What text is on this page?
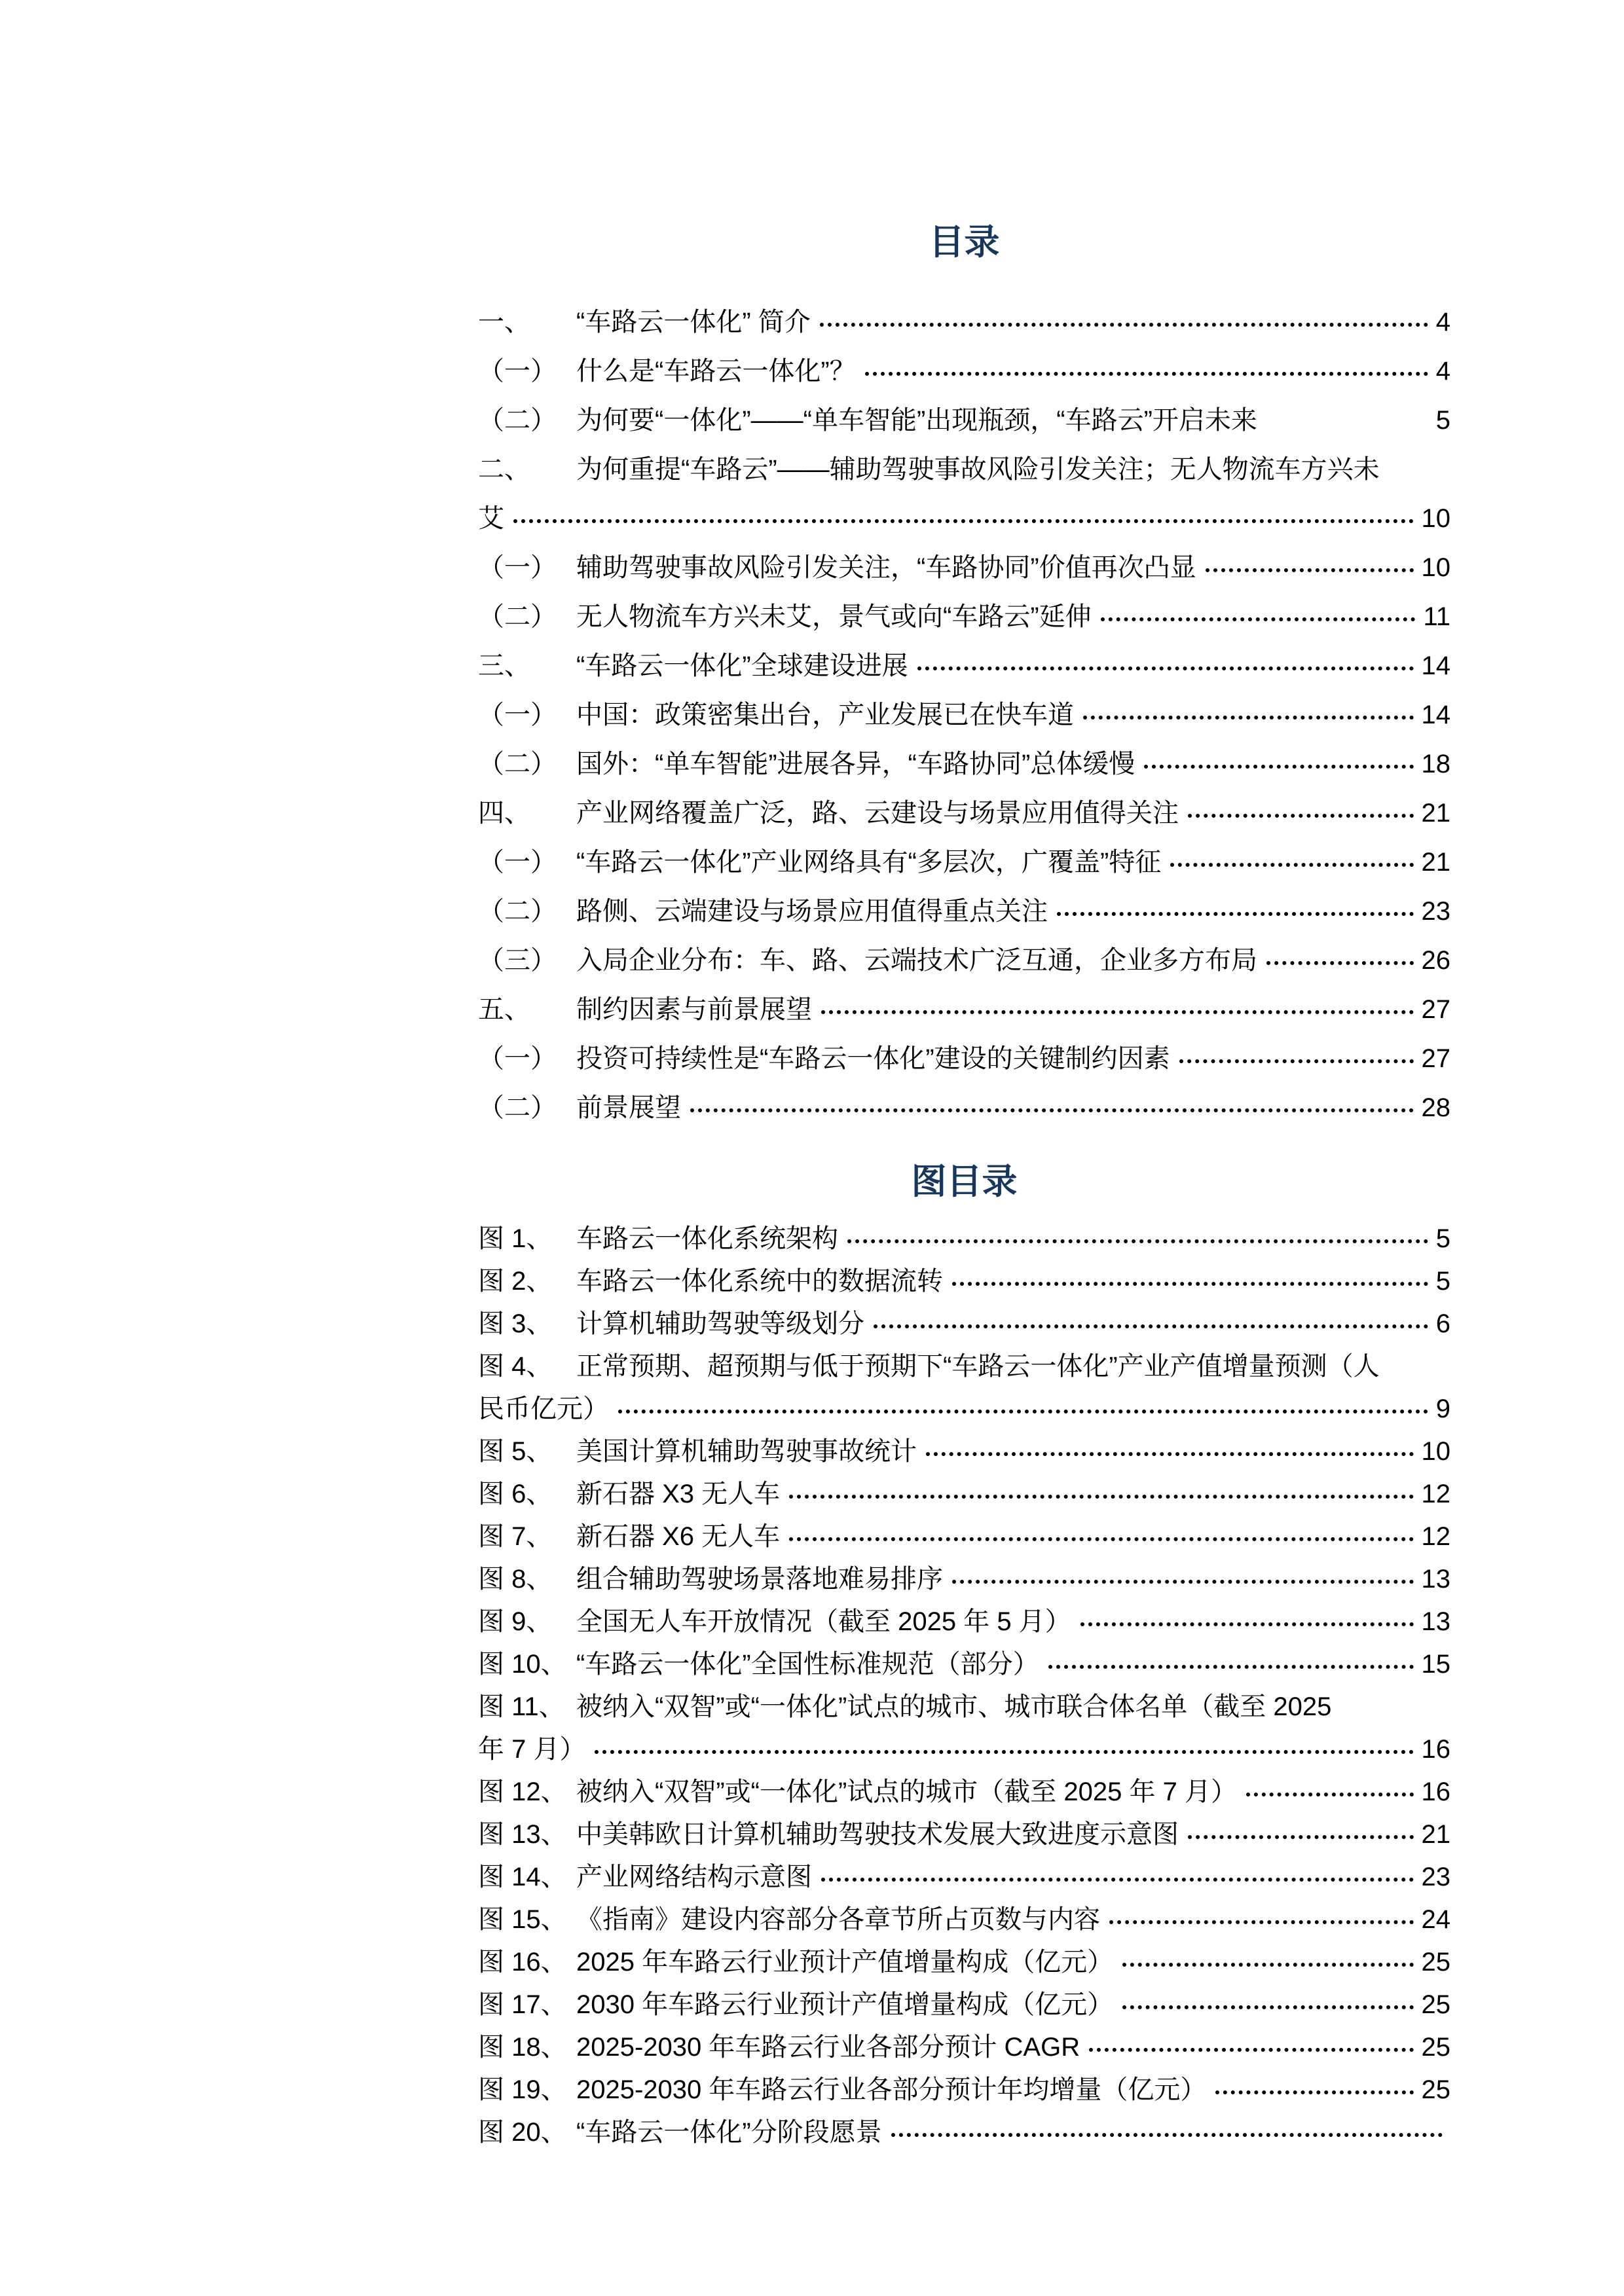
目录
一、	“车路云一体化” 简介	4
（一） 什么是“车路云一体化”？	4
（二） 为何要“一体化”——“单车智能”出现瓶颈，“车路云”开启未来	5
二、	为何重提“车路云”——辅助驾驶事故风险引发关注；无人物流车方兴未
艾	10
（一） 辅助驾驶事故风险引发关注，“车路协同”价值再次凸显	10
（二） 无人物流车方兴未艾，景气或向“车路云”延伸	11
三、	“车路云一体化”全球建设进展	14
（一） 中国：政策密集出台，产业发展已在快车道	14
（二） 国外：“单车智能”进展各异，“车路协同”总体缓慢	18
四、	产业网络覆盖广泛，路、云建设与场景应用值得关注	21
（一） “车路云一体化”产业网络具有“多层次，广覆盖”特征	21
（二） 路侧、云端建设与场景应用值得重点关注	23
（三） 入局企业分布：车、路、云端技术广泛互通，企业多方布局	26
五、	制约因素与前景展望	27
（一） 投资可持续性是“车路云一体化”建设的关键制约因素	27
（二） 前景展望	28
图目录
图 1、 车路云一体化系统架构	5
图 2、 车路云一体化系统中的数据流转	5
图 3、 计算机辅助驾驶等级划分	6
图 4、 正常预期、超预期与低于预期下“车路云一体化”产业产值增量预测（人
民币亿元）	9
图 5、 美国计算机辅助驾驶事故统计	10
图 6、 新石器 X3 无人车	12
图 7、 新石器 X6 无人车	12
图 8、 组合辅助驾驶场景落地难易排序	13
图 9、 全国无人车开放情况（截至 2025 年 5 月）	13
图 10、 “车路云一体化”全国性标准规范（部分）	15
图 11、 被纳入“双智”或“一体化”试点的城市、城市联合体名单（截至 2025
年 7 月）	16
图 12、 被纳入“双智”或“一体化”试点的城市（截至 2025 年 7 月）	16
图 13、 中美韩欧日计算机辅助驾驶技术发展大致进度示意图	21
图 14、 产业网络结构示意图	23
图 15、 《指南》建设内容部分各章节所占页数与内容	24
图 16、 2025 年车路云行业预计产值增量构成（亿元）	25
图 17、 2030 年车路云行业预计产值增量构成（亿元）	25
图 18、 2025-2030 年车路云行业各部分预计 CAGR	25
图 19、 2025-2030 年车路云行业各部分预计年均增量（亿元）	25
图 20、 “车路云一体化”分阶段愿景
